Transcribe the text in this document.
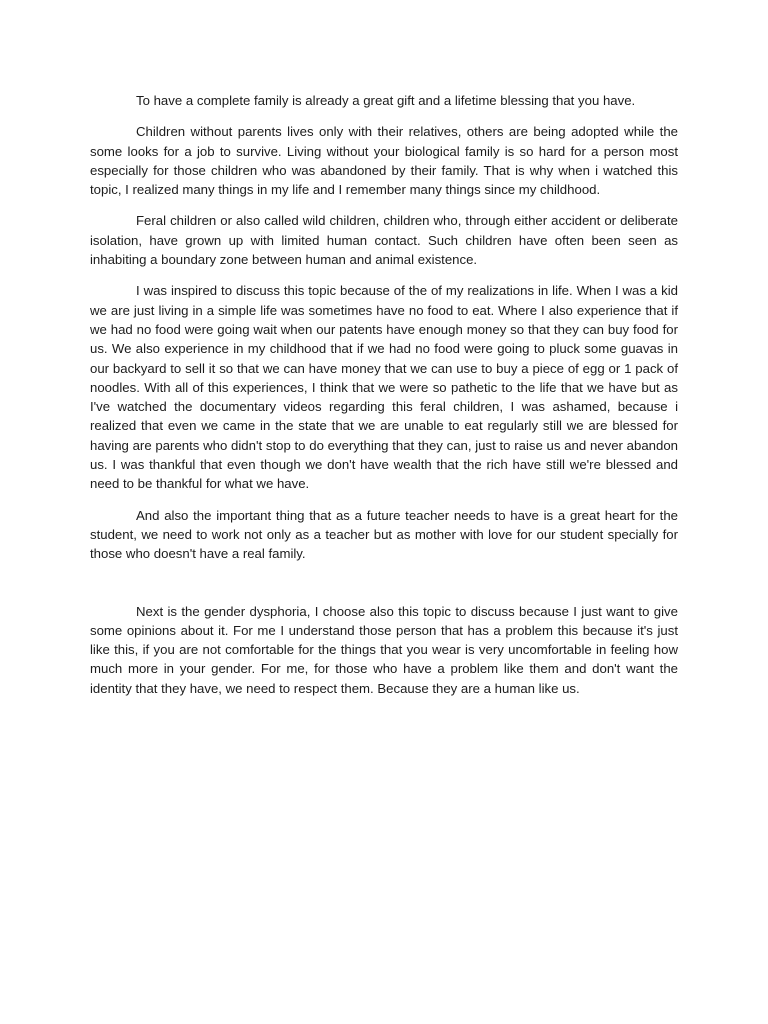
To have a complete family is already a great gift and a lifetime blessing that you have.

Children without parents lives only with their relatives, others are being adopted while the some looks for a job to survive. Living without your biological family is so hard for a person most especially for those children who was abandoned by their family. That is why when i watched this topic, I realized many things in my life and I remember many things since my childhood.

Feral children or also called wild children, children who, through either accident or deliberate isolation, have grown up with limited human contact. Such children have often been seen as inhabiting a boundary zone between human and animal existence.

I was inspired to discuss this topic because of the of my realizations in life. When I was a kid we are just living in a simple life was sometimes have no food to eat. Where I also experience that if we had no food were going wait when our patents have enough money so that they can buy food for us. We also experience in my childhood that if we had no food were going to pluck some guavas in our backyard to sell it so that we can have money that we can use to buy a piece of egg or 1 pack of noodles. With all of this experiences, I think that we were so pathetic to the life that we have but as I've watched the documentary videos regarding this feral children, I was ashamed, because i realized that even we came in the state that we are unable to eat regularly still we are blessed for having are parents who didn't stop to do everything that they can, just to raise us and never abandon us. I was thankful that even though we don't have wealth that the rich have still we're blessed and need to be thankful for what we have.

And also the important thing that as a future teacher needs to have is a great heart for the student, we need to work not only as a teacher but as mother with love for our student specially for those who doesn't have a real family.

Next is the gender dysphoria, I choose also this topic to discuss because I just want to give some opinions about it. For me I understand those person that has a problem this because it's just like this, if you are not comfortable for the things that you wear is very uncomfortable in feeling how much more in your gender. For me, for those who have a problem like them and don't want the identity that they have, we need to respect them. Because they are a human like us.
